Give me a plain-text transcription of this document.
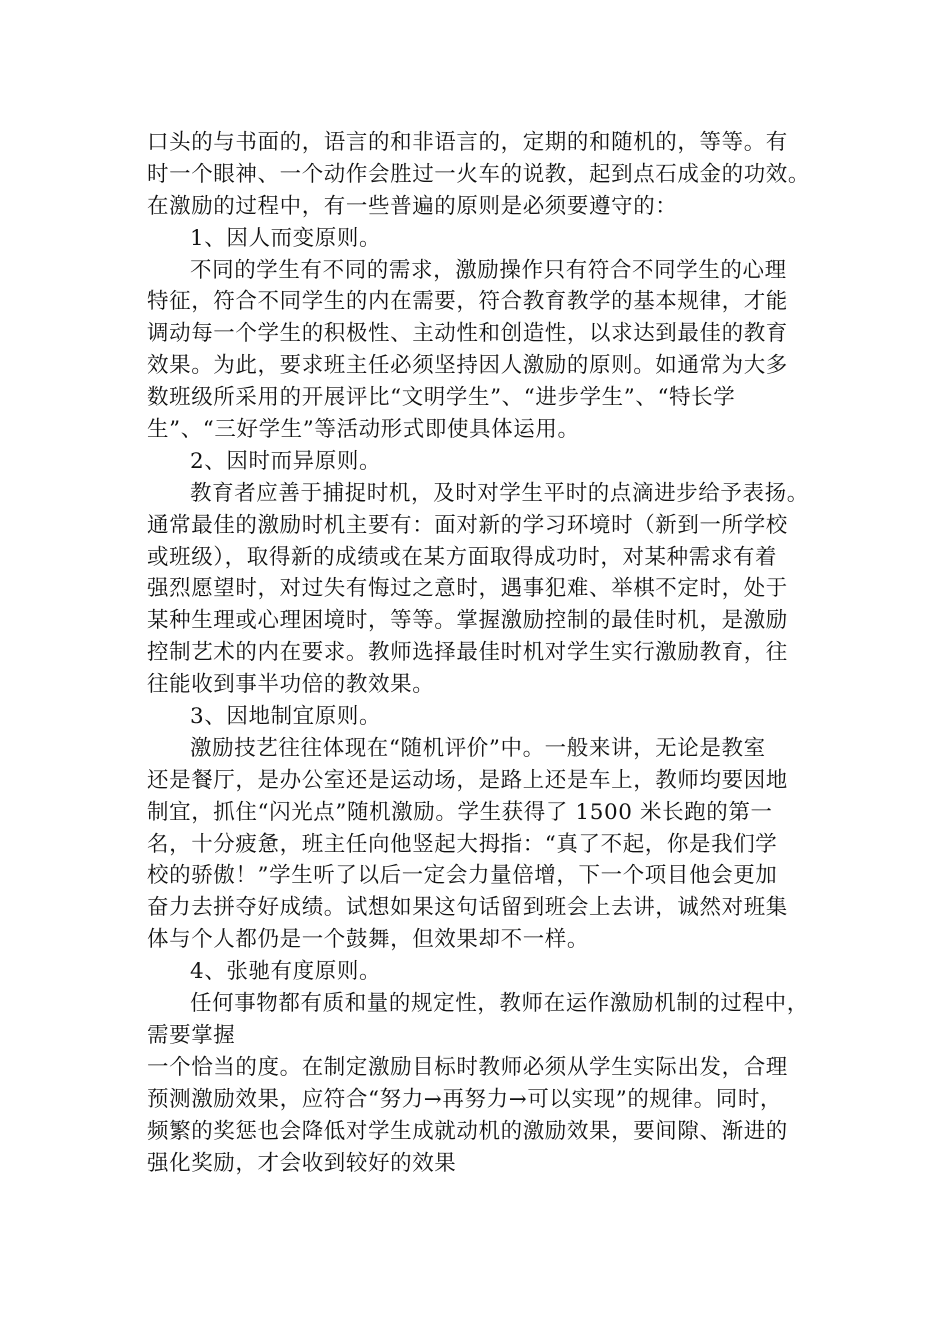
口头的与书面的，语言的和非语言的，定期的和随机的，等等。有
时一个眼神、一个动作会胜过一火车的说教，起到点石成金的功效。
在激励的过程中，有一些普遍的原则是必须要遵守的：
1、因人而变原则。
不同的学生有不同的需求，激励操作只有符合不同学生的心理
特征，符合不同学生的内在需要，符合教育教学的基本规律，才能
调动每一个学生的积极性、主动性和创造性，以求达到最佳的教育
效果。为此，要求班主任必须坚持因人激励的原则。如通常为大多
数班级所采用的开展评比“文明学生”、“进步学生”、“特长学
生”、“三好学生”等活动形式即使具体运用。
2、因时而异原则。
教育者应善于捕捉时机，及时对学生平时的点滴进步给予表扬。
通常最佳的激励时机主要有：面对新的学习环境时（新到一所学校
或班级），取得新的成绩或在某方面取得成功时，对某种需求有着
强烈愿望时，对过失有悔过之意时，遇事犯难、举棋不定时，处于
某种生理或心理困境时，等等。掌握激励控制的最佳时机，是激励
控制艺术的内在要求。教师选择最佳时机对学生实行激励教育，往
往能收到事半功倍的教效果。
3、因地制宜原则。
激励技艺往往体现在“随机评价”中。一般来讲，无论是教室
还是餐厅，是办公室还是运动场，是路上还是车上，教师均要因地
制宜，抓住“闪光点”随机激励。学生获得了 1500 米长跑的第一
名，十分疲惫，班主任向他竖起大拇指：“真了不起，你是我们学
校的骄傲！”学生听了以后一定会力量倍增，下一个项目他会更加
奋力去拼夺好成绩。试想如果这句话留到班会上去讲，诚然对班集
体与个人都仍是一个鼓舞，但效果却不一样。
4、张驰有度原则。
任何事物都有质和量的规定性，教师在运作激励机制的过程中，
需要掌握
一个恰当的度。在制定激励目标时教师必须从学生实际出发，合理
预测激励效果，应符合“努力→再努力→可以实现”的规律。同时，
频繁的奖惩也会降低对学生成就动机的激励效果，要间隙、渐进的
强化奖励，才会收到较好的效果
